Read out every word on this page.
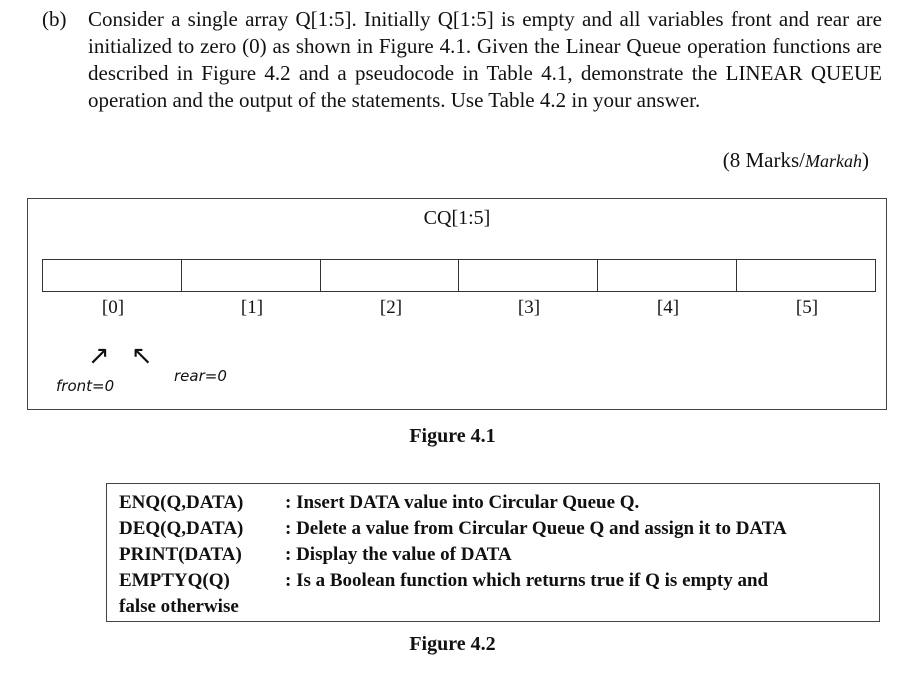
(b) Consider a single array Q[1:5]. Initially Q[1:5] is empty and all variables front and rear are initialized to zero (0) as shown in Figure 4.1. Given the Linear Queue operation functions are described in Figure 4.2 and a pseudocode in Table 4.1, demonstrate the LINEAR QUEUE operation and the output of the statements. Use Table 4.2 in your answer.
(8 Marks/Markah)
CQ[1:5]
[0]	[1]	[2]	[3]	[4]	[5]
↗ ↖
front=0
rear=0
Figure 4.1
ENQ(Q,DATA)	: Insert DATA value into Circular Queue Q.
DEQ(Q,DATA)	: Delete a value from Circular Queue Q and assign it to DATA
PRINT(DATA)	: Display the value of DATA
EMPTYQ(Q)	: Is a Boolean function which returns true if Q is empty and
false otherwise
Figure 4.2
